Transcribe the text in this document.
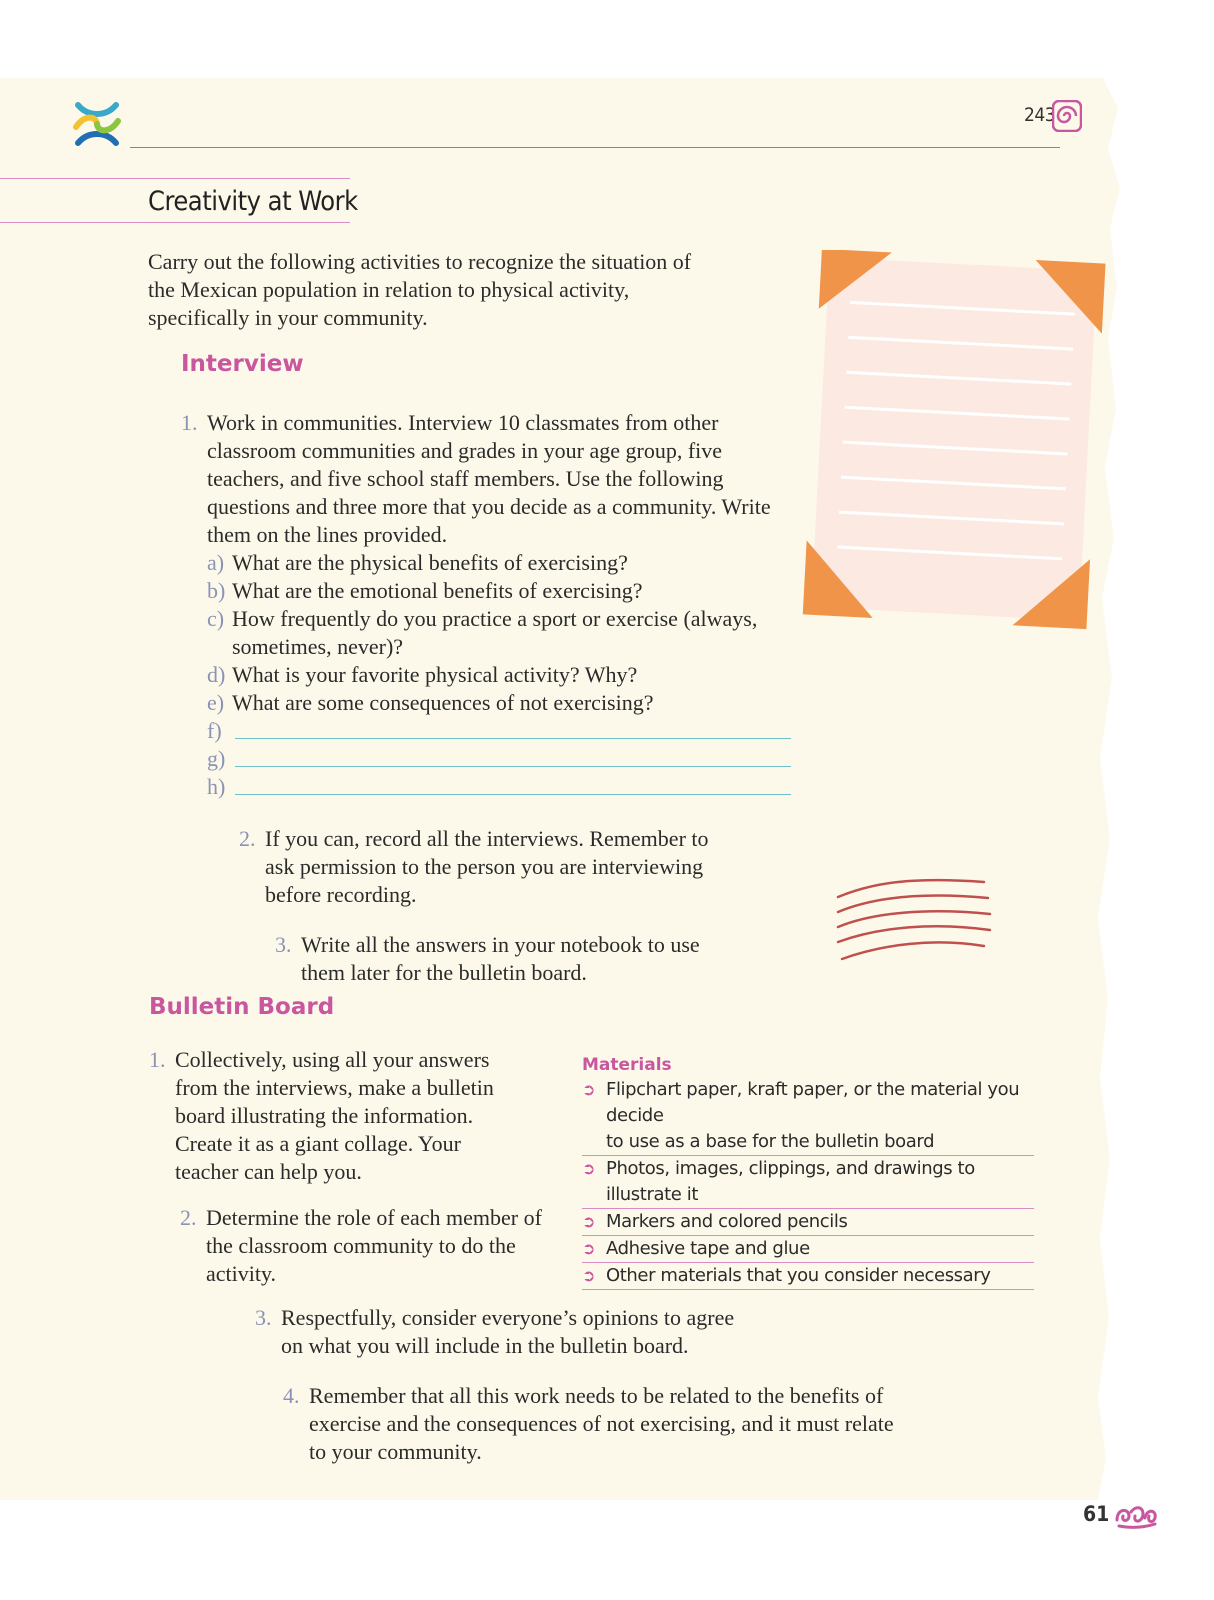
243
Creativity at Work
Carry out the following activities to recognize the situation of the Mexican population in relation to physical activity, specifically in your community.
Interview
1. Work in communities. Interview 10 classmates from other classroom communities and grades in your age group, five teachers, and five school staff members. Use the following questions and three more that you decide as a community. Write them on the lines provided.
a) What are the physical benefits of exercising?
b) What are the emotional benefits of exercising?
c) How frequently do you practice a sport or exercise (always, sometimes, never)?
d) What is your favorite physical activity? Why?
e) What are some consequences of not exercising?
f)
g)
h)
2. If you can, record all the interviews. Remember to ask permission to the person you are interviewing before recording.
3. Write all the answers in your notebook to use them later for the bulletin board.
Bulletin Board
1. Collectively, using all your answers from the interviews, make a bulletin board illustrating the information. Create it as a giant collage. Your teacher can help you.
2. Determine the role of each member of the classroom community to do the activity.
3. Respectfully, consider everyone’s opinions to agree on what you will include in the bulletin board.
4. Remember that all this work needs to be related to the benefits of exercise and the consequences of not exercising, and it must relate to your community.
Materials
➲ Flipchart paper, kraft paper, or the material you decide
to use as a base for the bulletin board
➲ Photos, images, clippings, and drawings to illustrate it
➲ Markers and colored pencils
➲ Adhesive tape and glue
➲ Other materials that you consider necessary
61
